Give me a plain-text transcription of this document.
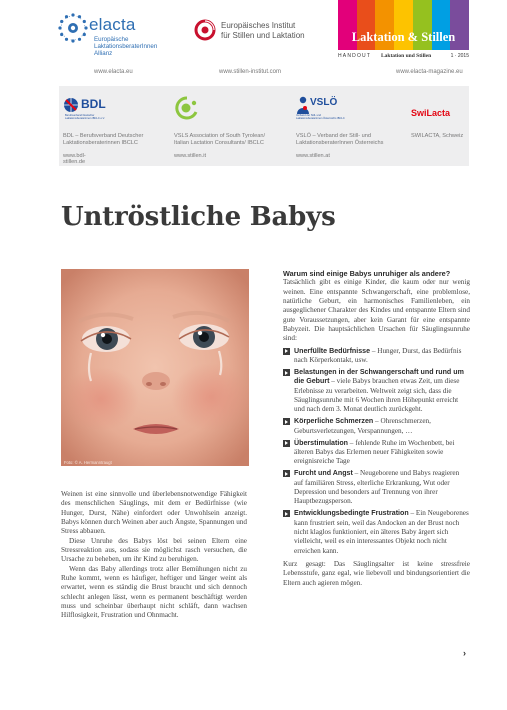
elacta
Europäische
LaktationsberaterInnen
Allianz
Europäisches Institut
für Stillen und Laktation	Laktation & Stillen
HANDOUT Laktation und Stillen	1 · 2015
www.elacta.eu	www.stillen-institut.com	www.elacta-magazine.eu
BDL
Berufsverband Deutscher
Laktationsberaterinnen IBCLC e.V.
BDL – Berufsverband Deutscher
Laktationsberaterinnen IBCLC
www.bdl-stillen.de
VSLS Association of South Tyrolean/
Italian Lactation Consultants/ IBCLC
www.stillen.it
VSLÖ
Verband der Still- und
Laktationsberaterinnen Österreichs IBCLC
VSLÖ – Verband der Still- und
LaktationsberaterInnen Österreichs
www.stillen.at
SwiLacta
SWILACTA, Schweiz
Untröstliche Babys
Foto: © A. Hermanntraugt

Weinen ist eine sinnvolle und überlebensnotwendige Fähigkeit des menschlichen Säuglings, mit dem er Bedürfnisse (wie Hunger, Durst, Nähe) einfordert oder Unwohlsein anzeigt. Babys können durch Weinen aber auch Ängste, Spannungen und Stress abbauen.

Diese Unruhe des Babys löst bei seinen Eltern eine Stressreaktion aus, sodass sie möglichst rasch versuchen, die Ursache zu beheben, um ihr Kind zu beruhigen.

Wenn das Baby allerdings trotz aller Bemühungen nicht zu Ruhe kommt, wenn es häufiger, heftiger und länger weint als erwartet, wenn es ständig die Brust braucht und sich dennoch schlecht anlegen lässt, wenn es permanent beschäftigt werden muss und scheinbar überhaupt nicht schläft, dann wachsen Hilflosigkeit, Frustration und Ohnmacht.

Warum sind einige Babys unruhiger als andere?

Tatsächlich gibt es einige Kinder, die kaum oder nur wenig weinen. Eine entspannte Schwangerschaft, eine problemlose, natürliche Geburt, ein harmonisches Familienleben, ein ausgeglichener Charakter des Kindes und entspannte Eltern sind gute Voraussetzungen, aber kein Garant für eine entspannte Babyzeit. Die hauptsächlichen Ursachen für Säuglingsunruhe sind:

Unerfüllte Bedürfnisse – Hunger, Durst, das Bedürfnis nach Körperkontakt, usw.
Belastungen in der Schwangerschaft und rund um die Geburt – viele Babys brauchen etwas Zeit, um diese Erlebnisse zu verarbeiten. Weltweit zeigt sich, dass die Säuglingsunruhe mit 6 Wochen ihren Höhepunkt erreicht und nach dem 3. Monat deutlich zurückgeht.
Körperliche Schmerzen – Ohrenschmerzen, Geburtsverletzungen, Verspannungen, …
Überstimulation – fehlende Ruhe im Wochenbett, bei älteren Babys das Erlernen neuer Fähigkeiten sowie ereignisreiche Tage
Furcht und Angst – Neugeborene und Babys reagieren auf familiären Stress, elterliche Erkrankung, Wut oder Depression und besonders auf Trennung von ihrer Hauptbezugsperson.
Entwicklungsbedingte Frustration – Ein Neugeborenes kann frustriert sein, weil das Andocken an der Brust noch nicht klaglos funktioniert, ein älteres Baby ärgert sich vielleicht, weil es ein interessantes Objekt noch nicht erreichen kann.

Kurz gesagt: Das Säuglingsalter ist keine stressfreie Lebensstufe, ganz egal, wie liebevoll und bindungsorientiert die Eltern auch agieren mögen.

›
